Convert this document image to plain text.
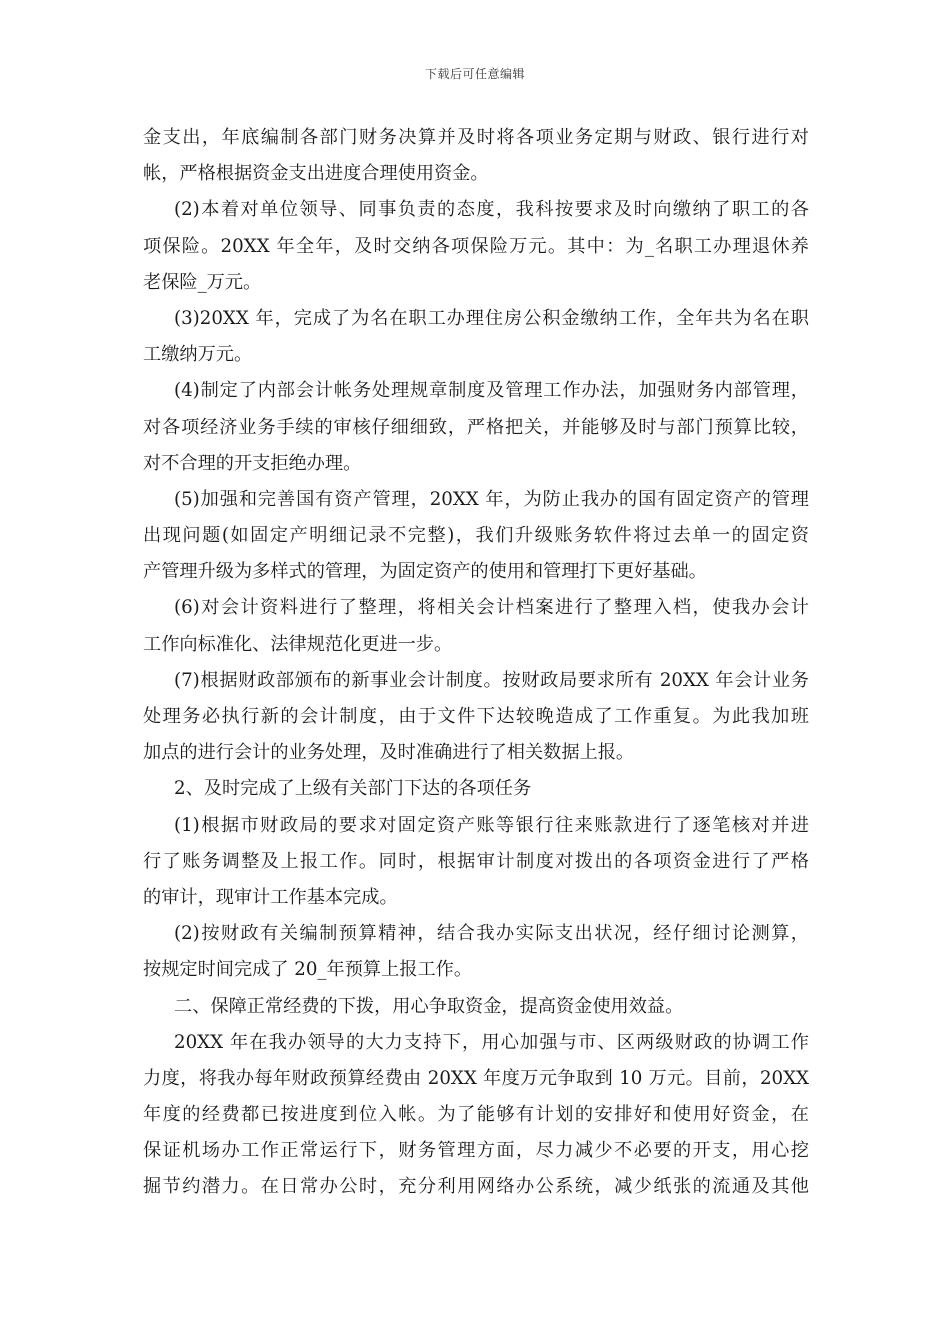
下载后可任意编辑
金支出，年底编制各部门财务决算并及时将各项业务定期与财政、银行进行对
帐，严格根据资金支出进度合理使用资金。
(2)本着对单位领导、同事负责的态度，我科按要求及时向缴纳了职工的各
项保险。20XX 年全年，及时交纳各项保险万元。其中：为_名职工办理退休养
老保险_万元。
(3)20XX 年，完成了为名在职工办理住房公积金缴纳工作，全年共为名在职
工缴纳万元。
(4)制定了内部会计帐务处理规章制度及管理工作办法，加强财务内部管理，
对各项经济业务手续的审核仔细细致，严格把关，并能够及时与部门预算比较，
对不合理的开支拒绝办理。
(5)加强和完善国有资产管理，20XX 年，为防止我办的国有固定资产的管理
出现问题(如固定产明细记录不完整)，我们升级账务软件将过去单一的固定资
产管理升级为多样式的管理，为固定资产的使用和管理打下更好基础。
(6)对会计资料进行了整理，将相关会计档案进行了整理入档，使我办会计
工作向标准化、法律规范化更进一步。
(7)根据财政部颁布的新事业会计制度。按财政局要求所有 20XX 年会计业务
处理务必执行新的会计制度，由于文件下达较晚造成了工作重复。为此我加班
加点的进行会计的业务处理，及时准确进行了相关数据上报。
2、及时完成了上级有关部门下达的各项任务
(1)根据市财政局的要求对固定资产账等银行往来账款进行了逐笔核对并进
行了账务调整及上报工作。同时，根据审计制度对拨出的各项资金进行了严格
的审计，现审计工作基本完成。
(2)按财政有关编制预算精神，结合我办实际支出状况，经仔细讨论测算，
按规定时间完成了 20_年预算上报工作。
二、保障正常经费的下拨，用心争取资金，提高资金使用效益。
20XX 年在我办领导的大力支持下，用心加强与市、区两级财政的协调工作
力度，将我办每年财政预算经费由 20XX 年度万元争取到 10 万元。目前，20XX
年度的经费都已按进度到位入帐。为了能够有计划的安排好和使用好资金，在
保证机场办工作正常运行下，财务管理方面，尽力减少不必要的开支，用心挖
掘节约潜力。在日常办公时，充分利用网络办公系统，减少纸张的流通及其他
